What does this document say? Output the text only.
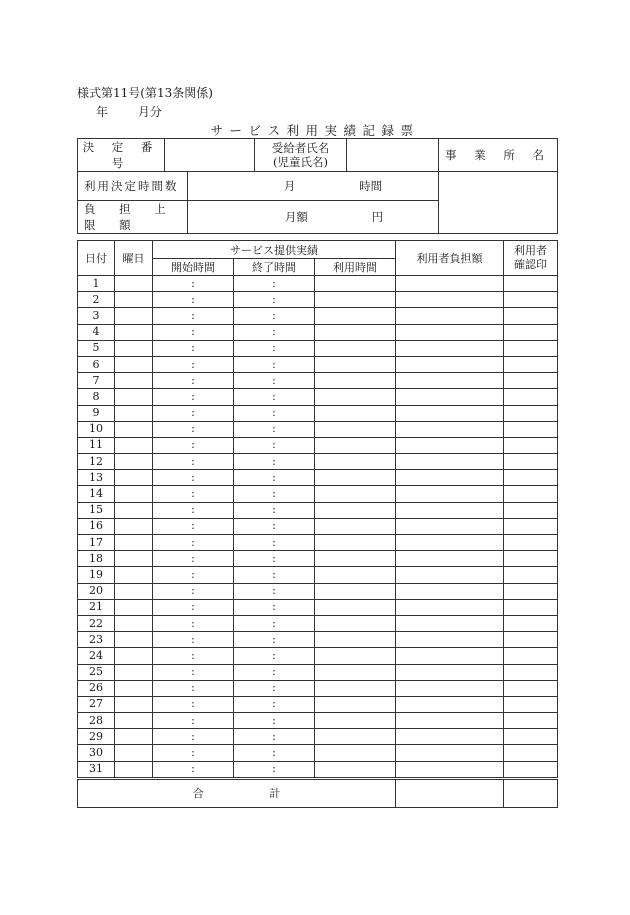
様式第11号(第13条関係)
年 月分
サービス利用実績記録票
決 定 番 号			受給者氏名
(児童氏名)		事 業 所 名
利用決定時間数		月 時間			
負 担 上 限 額		月額 円			
日付	曜日	サービス提供実績			利用者負担額	利用者
確認印

		開始時間	終了時間	利用時間		
1		:	:			
2		:	:			
3		:	:			
4		:	:			
5		:	:			
6		:	:			
7		:	:			
8		:	:			
9		:	:			
10		:	:			
11		:	:			
12		:	:			
13		:	:			
14		:	:			
15		:	:			
16		:	:			
17		:	:			
18		:	:			
19		:	:			
20		:	:			
21		:	:			
22		:	:			
23		:	:			
24		:	:			
25		:	:			
26		:	:			
27		:	:			
28		:	:			
29		:	:			
30		:	:			
31		:	:			
合 計						
